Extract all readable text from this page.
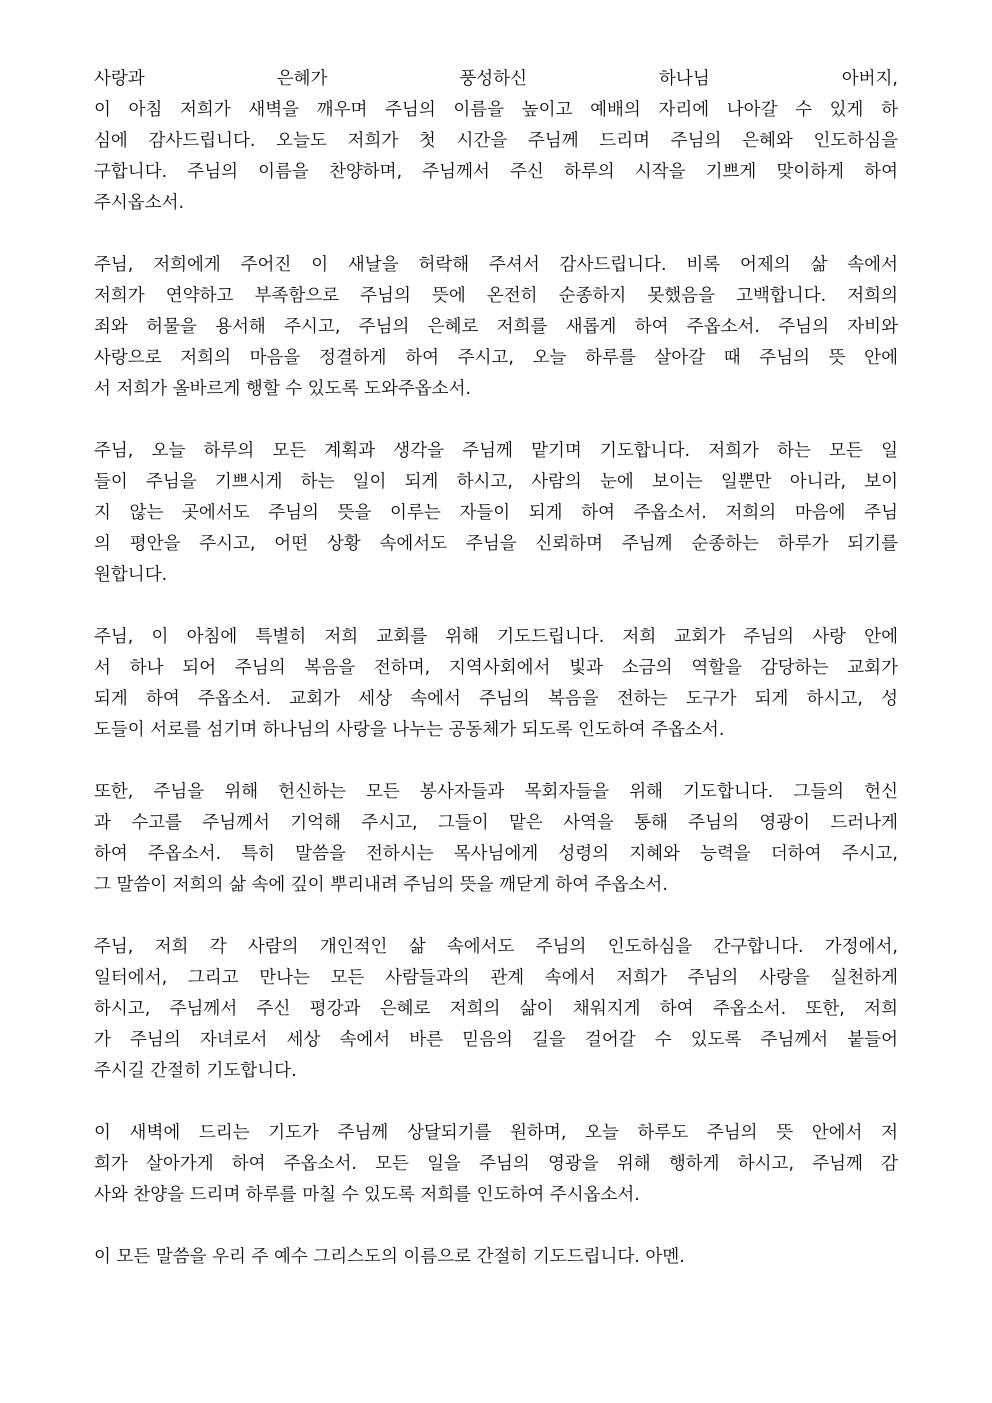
사랑과 은혜가 풍성하신 하나님 아버지,
이 아침 저희가 새벽을 깨우며 주님의 이름을 높이고 예배의 자리에 나아갈 수 있게 하
심에 감사드립니다. 오늘도 저희가 첫 시간을 주님께 드리며 주님의 은혜와 인도하심을
구합니다. 주님의 이름을 찬양하며, 주님께서 주신 하루의 시작을 기쁘게 맞이하게 하여
주시옵소서.

주님, 저희에게 주어진 이 새날을 허락해 주셔서 감사드립니다. 비록 어제의 삶 속에서
저희가 연약하고 부족함으로 주님의 뜻에 온전히 순종하지 못했음을 고백합니다. 저희의
죄와 허물을 용서해 주시고, 주님의 은혜로 저희를 새롭게 하여 주옵소서. 주님의 자비와
사랑으로 저희의 마음을 정결하게 하여 주시고, 오늘 하루를 살아갈 때 주님의 뜻 안에
서 저희가 올바르게 행할 수 있도록 도와주옵소서.

주님, 오늘 하루의 모든 계획과 생각을 주님께 맡기며 기도합니다. 저희가 하는 모든 일
들이 주님을 기쁘시게 하는 일이 되게 하시고, 사람의 눈에 보이는 일뿐만 아니라, 보이
지 않는 곳에서도 주님의 뜻을 이루는 자들이 되게 하여 주옵소서. 저희의 마음에 주님
의 평안을 주시고, 어떤 상황 속에서도 주님을 신뢰하며 주님께 순종하는 하루가 되기를
원합니다.

주님, 이 아침에 특별히 저희 교회를 위해 기도드립니다. 저희 교회가 주님의 사랑 안에
서 하나 되어 주님의 복음을 전하며, 지역사회에서 빛과 소금의 역할을 감당하는 교회가
되게 하여 주옵소서. 교회가 세상 속에서 주님의 복음을 전하는 도구가 되게 하시고, 성
도들이 서로를 섬기며 하나님의 사랑을 나누는 공동체가 되도록 인도하여 주옵소서.

또한, 주님을 위해 헌신하는 모든 봉사자들과 목회자들을 위해 기도합니다. 그들의 헌신
과 수고를 주님께서 기억해 주시고, 그들이 맡은 사역을 통해 주님의 영광이 드러나게
하여 주옵소서. 특히 말씀을 전하시는 목사님에게 성령의 지혜와 능력을 더하여 주시고,
그 말씀이 저희의 삶 속에 깊이 뿌리내려 주님의 뜻을 깨닫게 하여 주옵소서.

주님, 저희 각 사람의 개인적인 삶 속에서도 주님의 인도하심을 간구합니다. 가정에서,
일터에서, 그리고 만나는 모든 사람들과의 관계 속에서 저희가 주님의 사랑을 실천하게
하시고, 주님께서 주신 평강과 은혜로 저희의 삶이 채워지게 하여 주옵소서. 또한, 저희
가 주님의 자녀로서 세상 속에서 바른 믿음의 길을 걸어갈 수 있도록 주님께서 붙들어
주시길 간절히 기도합니다.

이 새벽에 드리는 기도가 주님께 상달되기를 원하며, 오늘 하루도 주님의 뜻 안에서 저
희가 살아가게 하여 주옵소서. 모든 일을 주님의 영광을 위해 행하게 하시고, 주님께 감
사와 찬양을 드리며 하루를 마칠 수 있도록 저희를 인도하여 주시옵소서.

이 모든 말씀을 우리 주 예수 그리스도의 이름으로 간절히 기도드립니다. 아멘.
